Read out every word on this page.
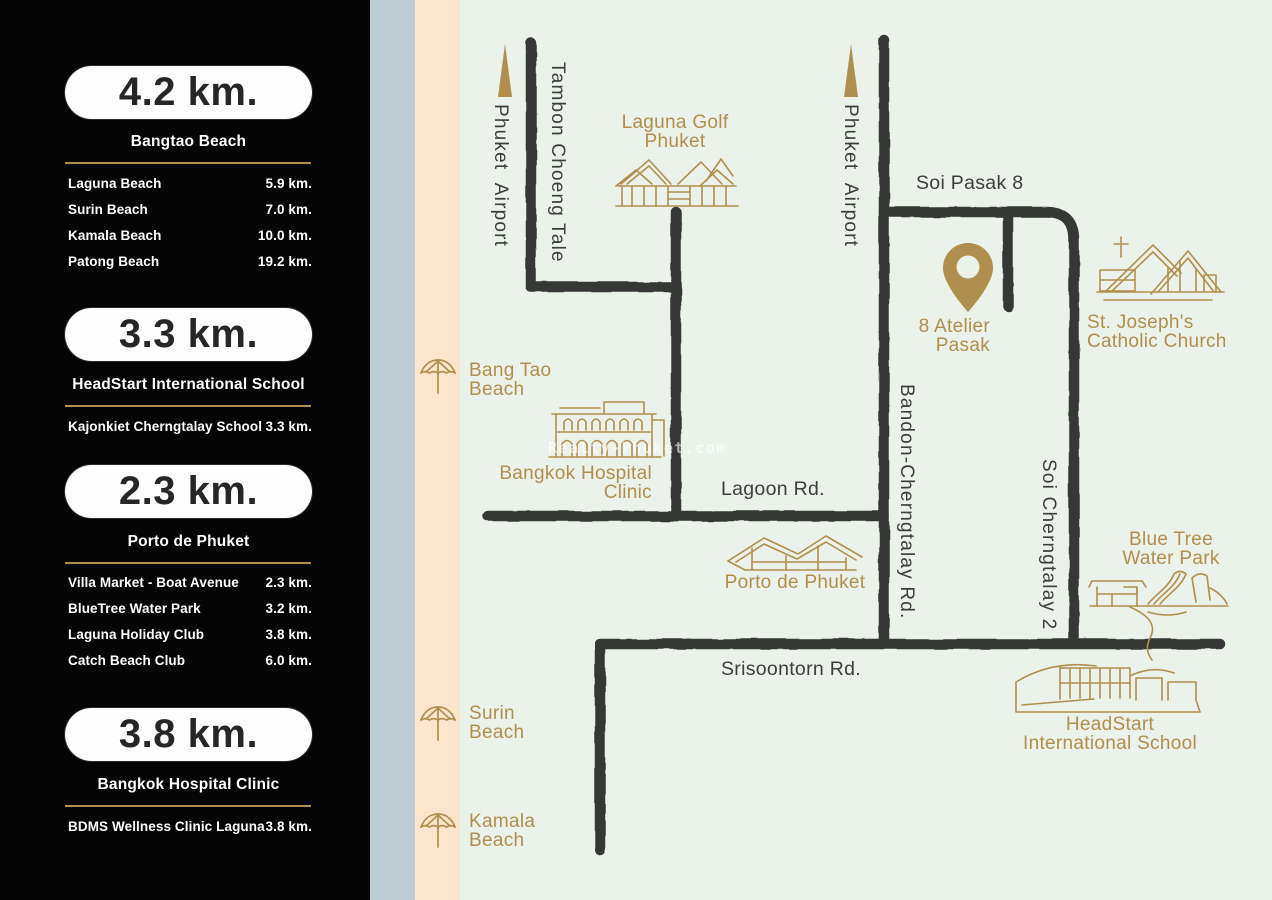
4.2 km.
Bangtao Beach
Laguna Beach	5.9 km.
Surin Beach	7.0 km.
Kamala Beach	10.0 km.
Patong Beach	19.2 km.
3.3 km.
HeadStart International School
Kajonkiet Cherngtalay School 3.3 km.
2.3 km.
Porto de Phuket
Villa Market - Boat Avenue 2.3 km.
BlueTree Water Park	3.2 km.
Laguna Holiday Club	3.8 km.
Catch Beach Club	6.0 km.
3.8 km.
Bangkok Hospital Clinic
BDMS Wellness Clinic Laguna 3.8 km.
Tambon Choeng Tale
Phuket Airport	Phuket Airport
Bandon-Cherngtalay Rd.	Soi Cherngtalay 2
Soi Pasak 8
Lagoon Rd.
Srisoontorn Rd.
Laguna Golf
Phuket
8 Atelier
Pasak
St. Joseph's
Catholic Church
Bang Tao
Beach
Bangkok Hospital
Clinic
Porto de Phuket
Blue Tree
Water Park
HeadStart
International School
Surin
Beach
Kamala
Beach
Realty-Phuket.com
